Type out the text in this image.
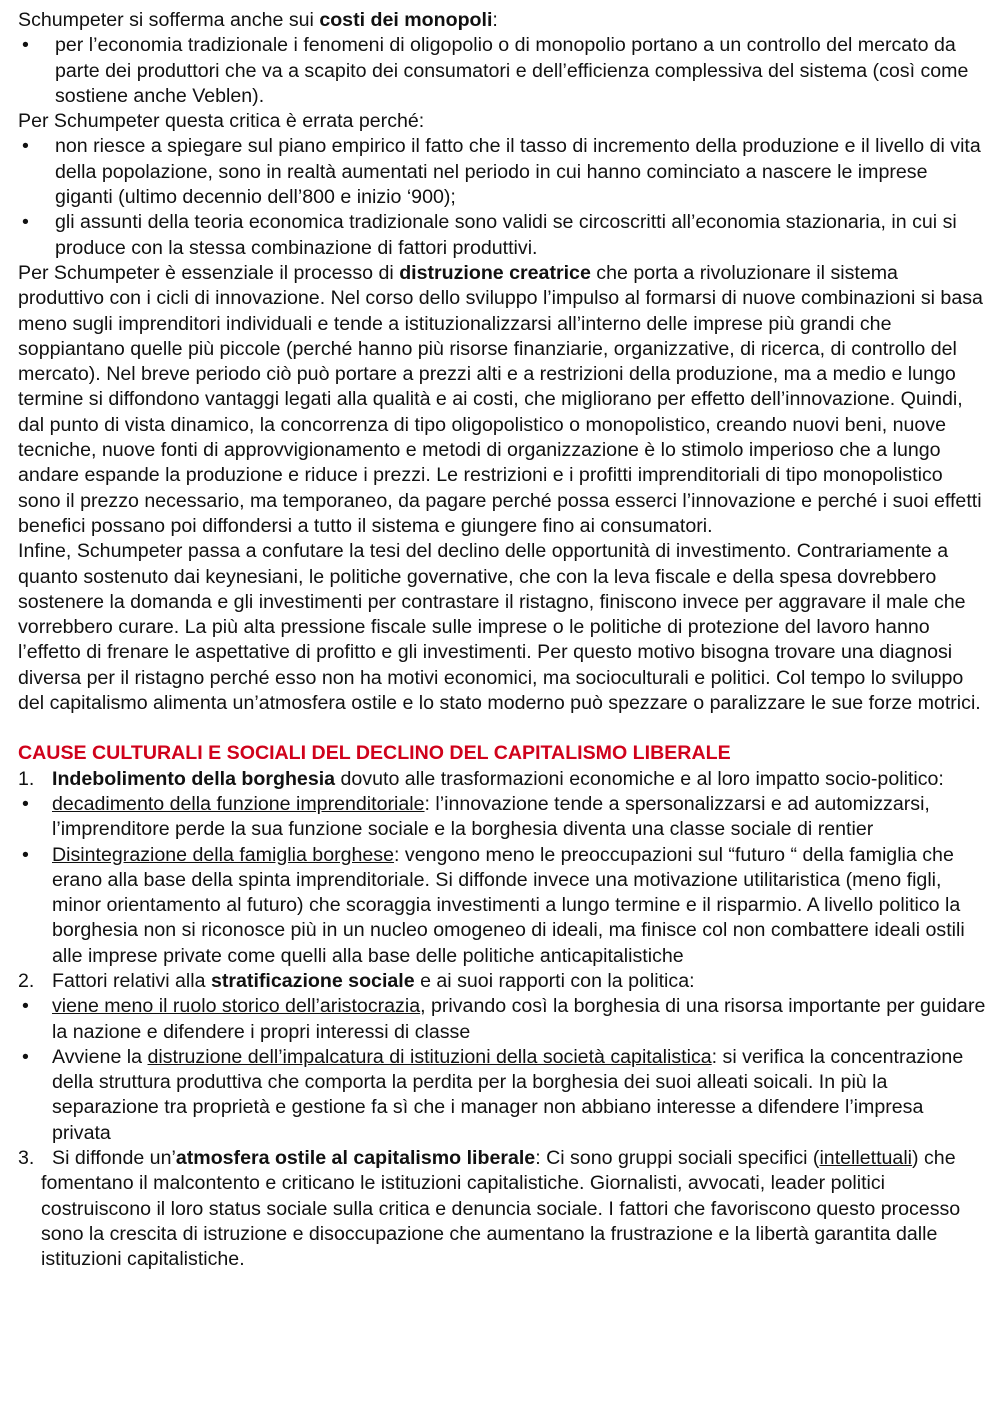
Schumpeter si sofferma anche sui costi dei monopoli:

• per l’economia tradizionale i fenomeni di oligopolio o di monopolio portano a un controllo del mercato da parte dei produttori che va a scapito dei consumatori e dell’efficienza complessiva del sistema (così come sostiene anche Veblen).

Per Schumpeter questa critica è errata perché:

• non riesce a spiegare sul piano empirico il fatto che il tasso di incremento della produzione e il livello di vita della popolazione, sono in realtà aumentati nel periodo in cui hanno cominciato a nascere le imprese giganti (ultimo decennio dell’800 e inizio ‘900);

• gli assunti della teoria economica tradizionale sono validi se circoscritti all’economia stazionaria, in cui si produce con la stessa combinazione di fattori produttivi.

Per Schumpeter è essenziale il processo di distruzione creatrice che porta a rivoluzionare il sistema produttivo con i cicli di innovazione. Nel corso dello sviluppo l’impulso al formarsi di nuove combinazioni si basa meno sugli imprenditori individuali e tende a istituzionalizzarsi all’interno delle imprese più grandi che soppiantano quelle più piccole (perché hanno più risorse finanziarie, organizzative, di ricerca, di controllo del mercato). Nel breve periodo ciò può portare a prezzi alti e a restrizioni della produzione, ma a medio e lungo termine si diffondono vantaggi legati alla qualità e ai costi, che migliorano per effetto dell’innovazione. Quindi, dal punto di vista dinamico, la concorrenza di tipo oligopolistico o monopolistico, creando nuovi beni, nuove tecniche, nuove fonti di approvvigionamento e metodi di organizzazione è lo stimolo imperioso che a lungo andare espande la produzione e riduce i prezzi. Le restrizioni e i profitti imprenditoriali di tipo monopolistico sono il prezzo necessario, ma temporaneo, da pagare perché possa esserci l’innovazione e perché i suoi effetti benefici possano poi diffondersi a tutto il sistema e giungere fino ai consumatori.

Infine, Schumpeter passa a confutare la tesi del declino delle opportunità di investimento. Contrariamente a quanto sostenuto dai keynesiani, le politiche governative, che con la leva fiscale e della spesa dovrebbero sostenere la domanda e gli investimenti per contrastare il ristagno, finiscono invece per aggravare il male che vorrebbero curare. La più alta pressione fiscale sulle imprese o le politiche di protezione del lavoro hanno l’effetto di frenare le aspettative di profitto e gli investimenti. Per questo motivo bisogna trovare una diagnosi diversa per il ristagno perché esso non ha motivi economici, ma socioculturali e politici. Col tempo lo sviluppo del capitalismo alimenta un’atmosfera ostile e lo stato moderno può spezzare o paralizzare le sue forze motrici.

CAUSE CULTURALI E SOCIALI DEL DECLINO DEL CAPITALISMO LIBERALE

1. Indebolimento della borghesia dovuto alle trasformazioni economiche e al loro impatto socio-politico:

• decadimento della funzione imprenditoriale: l’innovazione tende a spersonalizzarsi e ad automizzarsi, l’imprenditore perde la sua funzione sociale e la borghesia diventa una classe sociale di rentier

• Disintegrazione della famiglia borghese: vengono meno le preoccupazioni sul “futuro “ della famiglia che erano alla base della spinta imprenditoriale. Si diffonde invece una motivazione utilitaristica (meno figli, minor orientamento al futuro) che scoraggia investimenti a lungo termine e il risparmio. A livello politico la borghesia non si riconosce più in un nucleo omogeneo di ideali, ma finisce col non combattere ideali ostili alle imprese private come quelli alla base delle politiche anticapitalistiche

2. Fattori relativi alla stratificazione sociale e ai suoi rapporti con la politica:

• viene meno il ruolo storico dell’aristocrazia, privando così la borghesia di una risorsa importante per guidare la nazione e difendere i propri interessi di classe

• Avviene la distruzione dell’impalcatura di istituzioni della società capitalistica: si verifica la concentrazione della struttura produttiva che comporta la perdita per la borghesia dei suoi alleati soicali. In più la separazione tra proprietà e gestione fa sì che i manager non abbiano interesse a difendere l’impresa privata

3. Si diffonde un’atmosfera ostile al capitalismo liberale: Ci sono gruppi sociali specifici (intellettuali) che fomentano il malcontento e criticano le istituzioni capitalistiche. Giornalisti, avvocati, leader politici costruiscono il loro status sociale sulla critica e denuncia sociale. I fattori che favoriscono questo processo sono la crescita di istruzione e disoccupazione che aumentano la frustrazione e la libertà garantita dalle istituzioni capitalistiche.
